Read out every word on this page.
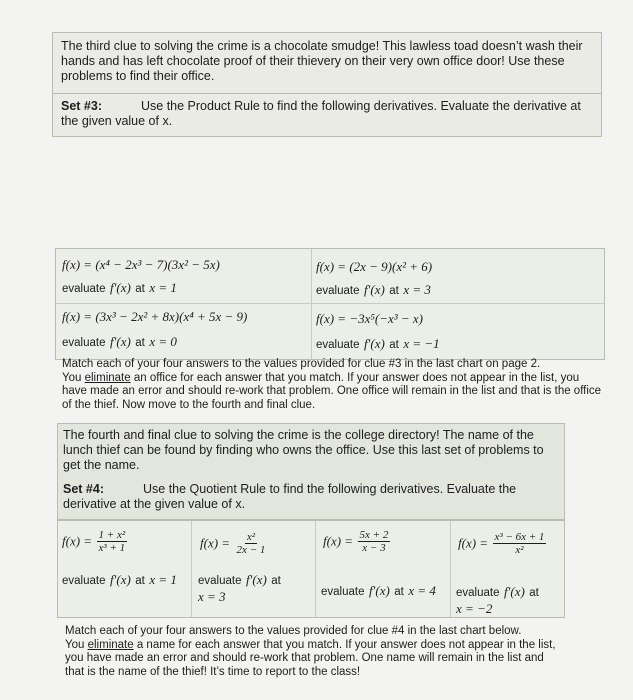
The third clue to solving the crime is a chocolate smudge! This lawless toad doesn’t wash their hands and has left chocolate proof of their thievery on their very own office door! Use these problems to find their office.
Set #3:	Use the Product Rule to find the following derivatives. Evaluate the derivative at the given value of x.
f(x) = (x⁴ − 2x³ − 7)(3x² − 5x)
evaluate f′(x) at x = 1
f(x) = (2x − 9)(x² + 6)
evaluate f′(x) at x = 3
f(x) = (3x³ − 2x² + 8x)(x⁴ + 5x − 9)
evaluate f′(x) at x = 0
f(x) = −3x⁵(−x³ − x)
evaluate f′(x) at x = −1
Match each of your four answers to the values provided for clue #3 in the last chart on page 2.
You eliminate an office for each answer that you match. If your answer does not appear in the list, you have made an error and should re-work that problem. One office will remain in the list and that is the office of the thief. Now move to the fourth and final clue.
The fourth and final clue to solving the crime is the college directory! The name of the lunch thief can be found by finding who owns the office. Use this last set of problems to get the name.
Set #4:	Use the Quotient Rule to find the following derivatives. Evaluate the derivative at the given value of x.
$f(x) = \frac{\text{1 + x²}}{\text{x³ + 1}}$
evaluate f′(x) at x = 1
$f(x) = \frac{\text{x²}}{2x - 1}$
evaluate f′(x) at
x = 3
$f(x) = \frac{5x + 2}{x - 3}$
evaluate f′(x) at x = 4
$f(x) = \frac{\text{x³ − 6x + 1}}{\text{x²}}$
evaluate f′(x) at
x = −2
Match each of your four answers to the values provided for clue #4 in the last chart below.
You eliminate a name for each answer that you match. If your answer does not appear in the list, you have made an error and should re-work that problem. One name will remain in the list and that is the name of the thief! It’s time to report to the class!
